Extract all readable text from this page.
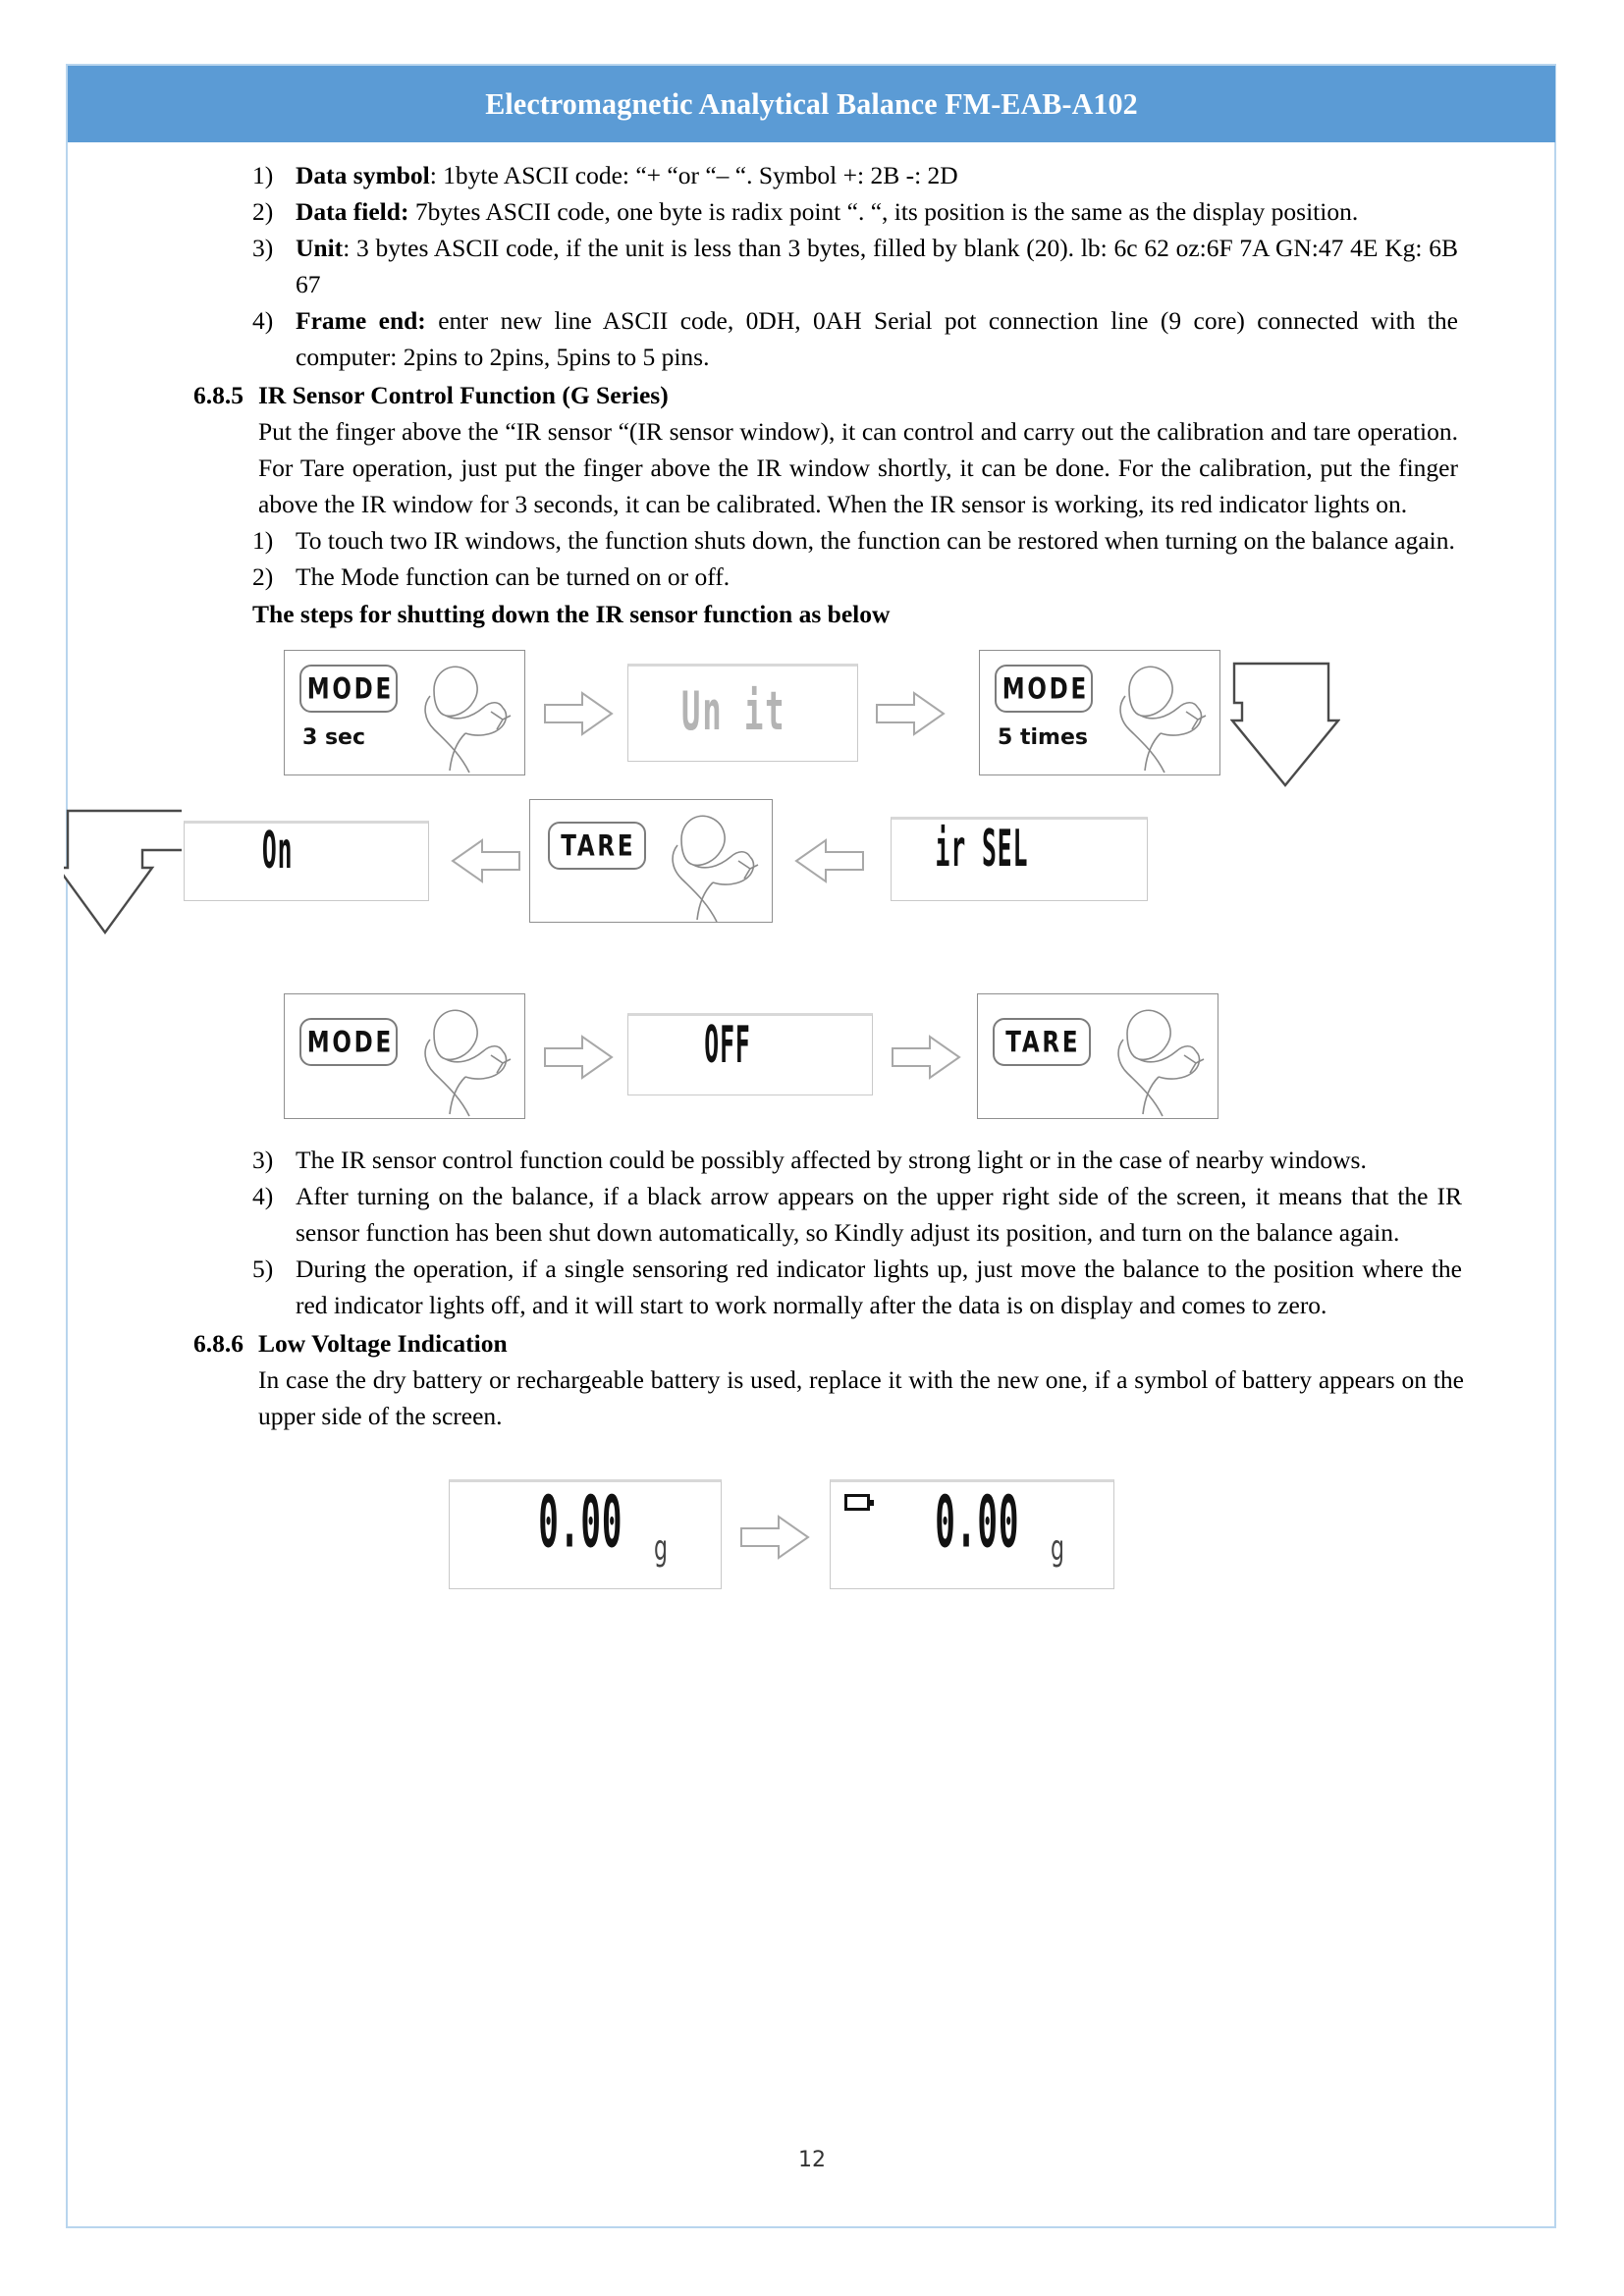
Electromagnetic Analytical Balance FM-EAB-A102
1) Data symbol: 1byte ASCII code: “+ “or “– “. Symbol +: 2B -: 2D
2) Data field: 7bytes ASCII code, one byte is radix point “. “, its position is the same as the display position.
3) Unit: 3 bytes ASCII code, if the unit is less than 3 bytes, filled by blank (20). lb: 6c 62 oz:6F 7A GN:47 4E Kg: 6B 67
4) Frame end: enter new line ASCII code, 0DH, 0AH Serial pot connection line (9 core) connected with the computer: 2pins to 2pins, 5pins to 5 pins.
6.8.5 IR Sensor Control Function (G Series)
Put the finger above the “IR sensor “(IR sensor window), it can control and carry out the calibration and tare operation. For Tare operation, just put the finger above the IR window shortly, it can be done. For the calibration, put the finger above the IR window for 3 seconds, it can be calibrated. When the IR sensor is working, its red indicator lights on.
1) To touch two IR windows, the function shuts down, the function can be restored when turning on the balance again.
2) The Mode function can be turned on or off.
The steps for shutting down the IR sensor function as below
MODE
3 sec	Un it	MODE
5 times
On	TARE	ir SEL
MODE	OFF	TARE
3) The IR sensor control function could be possibly affected by strong light or in the case of nearby windows.
4) After turning on the balance, if a black arrow appears on the upper right side of the screen, it means that the IR sensor function has been shut down automatically, so Kindly adjust its position, and turn on the balance again.
5) During the operation, if a single sensoring red indicator lights up, just move the balance to the position where the red indicator lights off, and it will start to work normally after the data is on display and comes to zero.
6.8.6 Low Voltage Indication
In case the dry battery or rechargeable battery is used, replace it with the new one, if a symbol of battery appears on the upper side of the screen.
0.00 g	0.00 g
12
